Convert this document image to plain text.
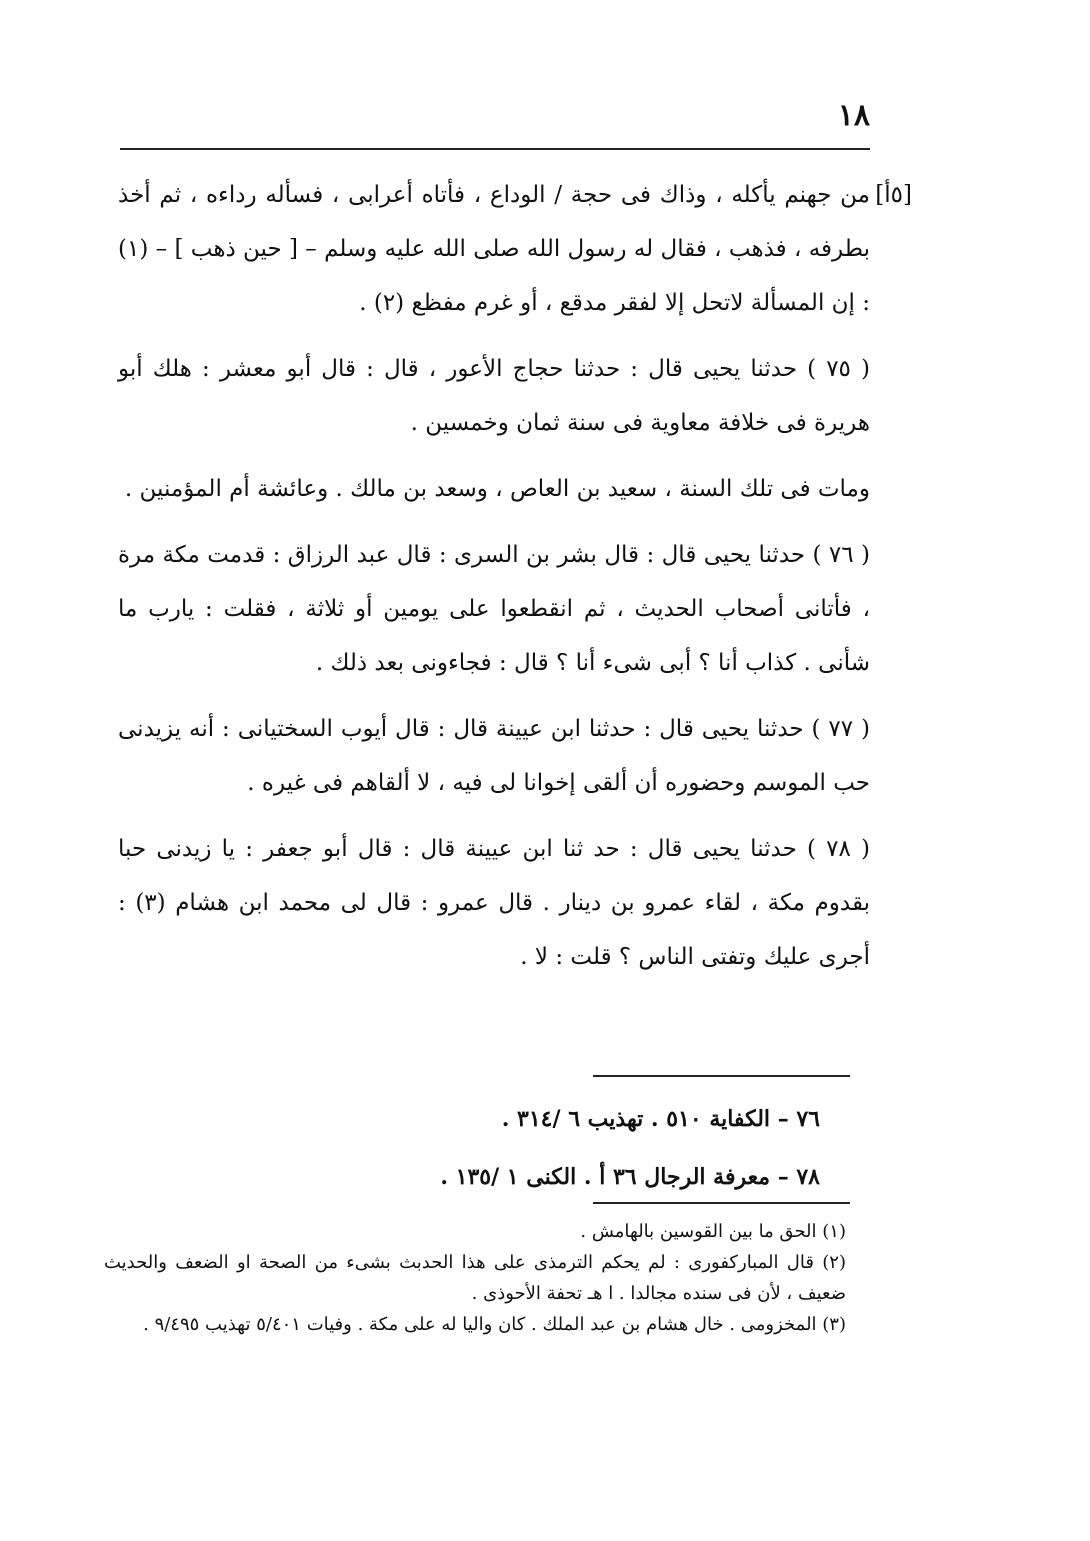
١٨
[٥أ]

من جهنم يأكله ، وذاك فى حجة / الوداع ، فأتاه أعرابى ، فسأله رداءه ، ثم أخذ بطرفه ، فذهب ، فقال له رسول الله صلى الله عليه وسلم – [ حين ذهب ] – (١) : إن المسألة لاتحل إلا لفقر مدقع ، أو غرم مفظع (٢) .

( ٧٥ ) حدثنا يحيى قال : حدثنا حجاج الأعور ، قال : قال أبو معشر : هلك أبو هريرة فى خلافة معاوية فى سنة ثمان وخمسين .

ومات فى تلك السنة ، سعيد بن العاص ، وسعد بن مالك . وعائشة أم المؤمنين .

( ٧٦ ) حدثنا يحيى قال : قال بشر بن السرى : قال عبد الرزاق : قدمت مكة مرة ، فأتانى أصحاب الحديث ، ثم انقطعوا على يومين أو ثلاثة ، فقلت : يارب ما شأنى . كذاب أنا ؟ أبى شىء أنا ؟ قال : فجاءونى بعد ذلك .

( ٧٧ ) حدثنا يحيى قال : حدثنا ابن عيينة قال : قال أيوب السختيانى : أنه يزيدنى حب الموسم وحضوره أن ألقى إخوانا لى فيه ، لا ألقاهم فى غيره .

( ٧٨ ) حدثنا يحيى قال : حد ثنا ابن عيينة قال : قال أبو جعفر : يا زيدنى حبا بقدوم مكة ، لقاء عمرو بن دينار . قال عمرو : قال لى محمد ابن هشام (٣) : أجرى عليك وتفتى الناس ؟ قلت : لا .

٧٦ – الكفاية ٥١٠ . تهذيب ٦ /٣١٤ .
٧٨ – معرفة الرجال ٣٦ أ . الكنى ١ /١٣٥ .

(١) الحق ما بين القوسين بالهامش .

(٢) قال المباركفورى : لم يحكم الترمذى على هذا الحدبث بشىء من الصحة او الضعف والحديث ضعيف ، لأن فى سنده مجالدا . ا هـ تحفة الأحوذى .

(٣) المخزومى . خال هشام بن عبد الملك . كان واليا له على مكة . وفيات ٥/٤٠١ تهذيب ٩/٤٩٥ .
